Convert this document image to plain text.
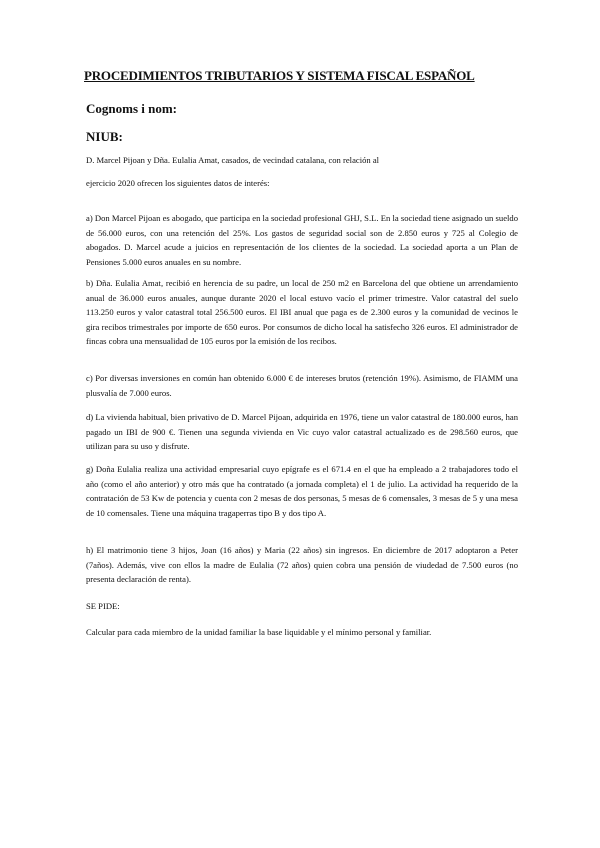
PROCEDIMIENTOS TRIBUTARIOS Y SISTEMA FISCAL ESPAÑOL
Cognoms i nom:
NIUB:
D. Marcel Pijoan y Dña. Eulalia Amat, casados, de vecindad catalana, con relación al
ejercicio 2020 ofrecen los siguientes datos de interés:
a) Don Marcel Pijoan es abogado, que participa en la sociedad profesional GHJ, S.L. En la sociedad tiene asignado un sueldo de 56.000 euros, con una retención del 25%. Los gastos de seguridad social son de 2.850 euros y 725 al Colegio de abogados. D. Marcel acude a juicios en representación de los clientes de la sociedad. La sociedad aporta a un Plan de Pensiones 5.000 euros anuales en su nombre.
b) Dña. Eulalia Amat, recibió en herencia de su padre, un local de 250 m2 en Barcelona del que obtiene un arrendamiento anual de 36.000 euros anuales, aunque durante 2020 el local estuvo vacío el primer trimestre. Valor catastral del suelo 113.250 euros y valor catastral total 256.500 euros. El IBI anual que paga es de 2.300 euros y la comunidad de vecinos le gira recibos trimestrales por importe de 650 euros. Por consumos de dicho local ha satisfecho 326 euros. El administrador de fincas cobra una mensualidad de 105 euros por la emisión de los recibos.
c) Por diversas inversiones en común han obtenido 6.000 € de intereses brutos (retención 19%). Asimismo, de FIAMM una plusvalía de 7.000 euros.
d) La vivienda habitual, bien privativo de D. Marcel Pijoan, adquirida en 1976, tiene un valor catastral de 180.000 euros, han pagado un IBI de 900 €. Tienen una segunda vivienda en Vic cuyo valor catastral actualizado es de 298.560 euros, que utilizan para su uso y disfrute.
g) Doña Eulalia realiza una actividad empresarial cuyo epígrafe es el 671.4 en el que ha empleado a 2 trabajadores todo el año (como el año anterior) y otro más que ha contratado (a jornada completa) el 1 de julio. La actividad ha requerido de la contratación de 53 Kw de potencia y cuenta con 2 mesas de dos personas, 5 mesas de 6 comensales, 3 mesas de 5 y una mesa de 10 comensales. Tiene una máquina tragaperras tipo B y dos tipo A.
h) El matrimonio tiene 3 hijos, Joan (16 años) y Maria (22 años) sin ingresos. En diciembre de 2017 adoptaron a Peter (7años). Además, vive con ellos la madre de Eulalia (72 años) quien cobra una pensión de viudedad de 7.500 euros (no presenta declaración de renta).
SE PIDE:
Calcular para cada miembro de la unidad familiar la base liquidable y el mínimo personal y familiar.
